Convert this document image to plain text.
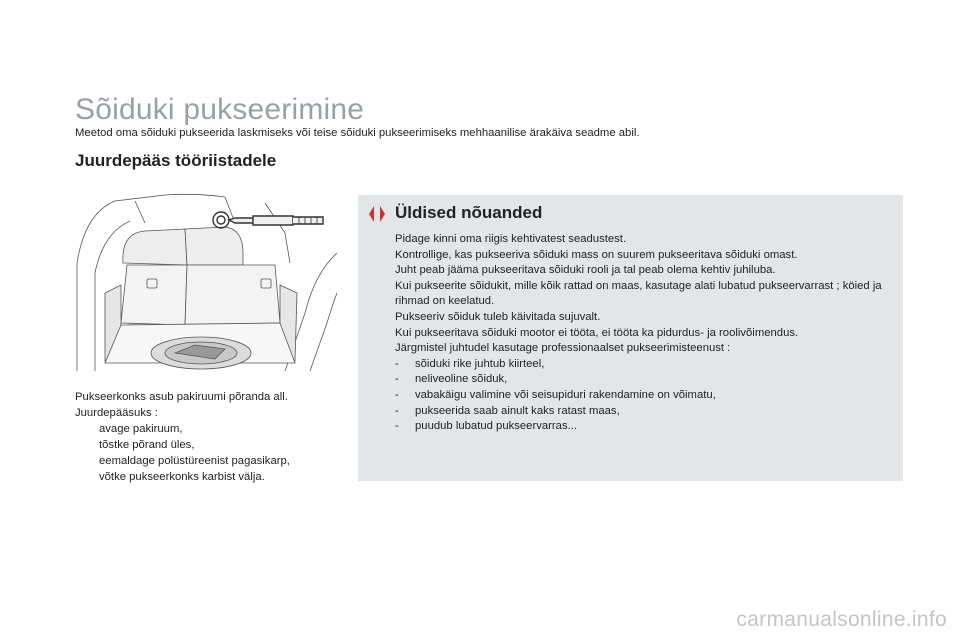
Sõiduki pukseerimine
Meetod oma sõiduki pukseerida laskmiseks või teise sõiduki pukseerimiseks mehhaanilise ärakäiva seadme abil.
Juurdepääs tööriistadele
Pukseerkonks asub pakiruumi põranda all.
Juurdepääsuks :
avage pakiruum,
tõstke põrand üles,
eemaldage polüstüreenist pagasikarp,
võtke pukseerkonks karbist välja.
Üldised nõuanded
Pidage kinni oma riigis kehtivatest seadustest.
Kontrollige, kas pukseeriva sõiduki mass on suurem pukseeritava sõiduki omast.
Juht peab jääma pukseeritava sõiduki rooli ja tal peab olema kehtiv juhiluba.
Kui pukseerite sõidukit, mille kõik rattad on maas, kasutage alati lubatud pukseervarrast ; köied ja rihmad on keelatud.
Pukseeriv sõiduk tuleb käivitada sujuvalt.
Kui pukseeritava sõiduki mootor ei tööta, ei tööta ka pidurdus- ja roolivõimendus.
Järgmistel juhtudel kasutage professionaalset pukseerimisteenust :
-	sõiduki rike juhtub kiirteel,
-	neliveoline sõiduk,
-	vabakäigu valimine või seisupiduri rakendamine on võimatu,
-	pukseerida saab ainult kaks ratast maas,
-	puudub lubatud pukseervarras...
carmanualsonline.info
